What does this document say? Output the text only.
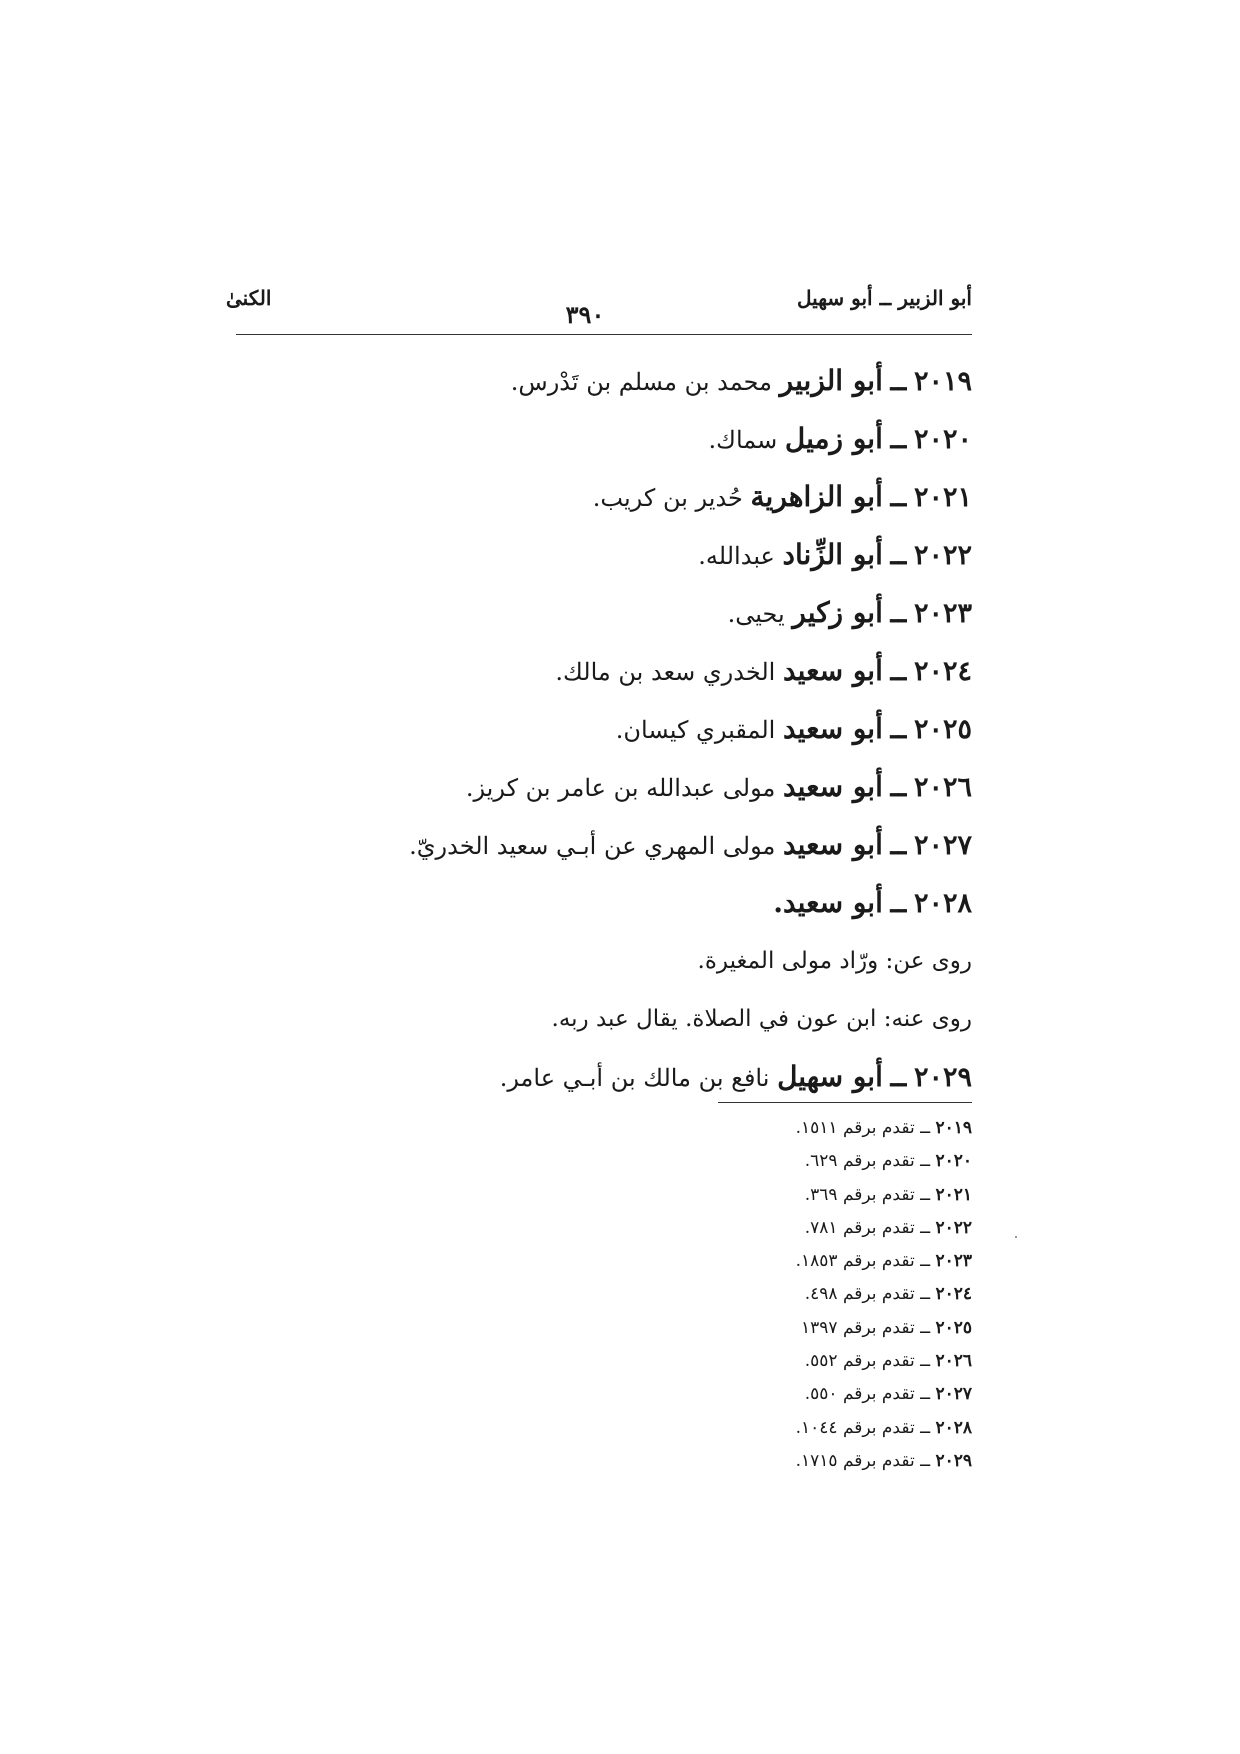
أبو الزبير ــ أبو سهيل
٣٩٠
الكنىٰ
٢٠١٩ ــ أبو الزبير محمد بن مسلم بن تَدْرس.
٢٠٢٠ ــ أبو زميل سماك.
٢٠٢١ ــ أبو الزاهرية حُدير بن كريب.
٢٠٢٢ ــ أبو الزِّناد عبدالله.
٢٠٢٣ ــ أبو زكير يحيى.
٢٠٢٤ ــ أبو سعيد الخدري سعد بن مالك.
٢٠٢٥ ــ أبو سعيد المقبري كيسان.
٢٠٢٦ ــ أبو سعيد مولى عبدالله بن عامر بن كريز.
٢٠٢٧ ــ أبو سعيد مولى المهري عن أبـي سعيد الخدريّ.
٢٠٢٨ ــ أبو سعيد.
روى عن: ورّاد مولى المغيرة.
روى عنه: ابن عون في الصلاة. يقال عبد ربه.
٢٠٢٩ ــ أبو سهيل نافع بن مالك بن أبـي عامر.
٢٠١٩ ــ تقدم برقم ١٥١١.
٢٠٢٠ ــ تقدم برقم ٦٢٩.
٢٠٢١ ــ تقدم برقم ٣٦٩.
٢٠٢٢ ــ تقدم برقم ٧٨١.
٢٠٢٣ ــ تقدم برقم ١٨٥٣.
٢٠٢٤ ــ تقدم برقم ٤٩٨.
٢٠٢٥ ــ تقدم برقم ١٣٩٧
٢٠٢٦ ــ تقدم برقم ٥٥٢.
٢٠٢٧ ــ تقدم برقم ٥٥٠.
٢٠٢٨ ــ تقدم برقم ١٠٤٤.
٢٠٢٩ ــ تقدم برقم ١٧١٥.
